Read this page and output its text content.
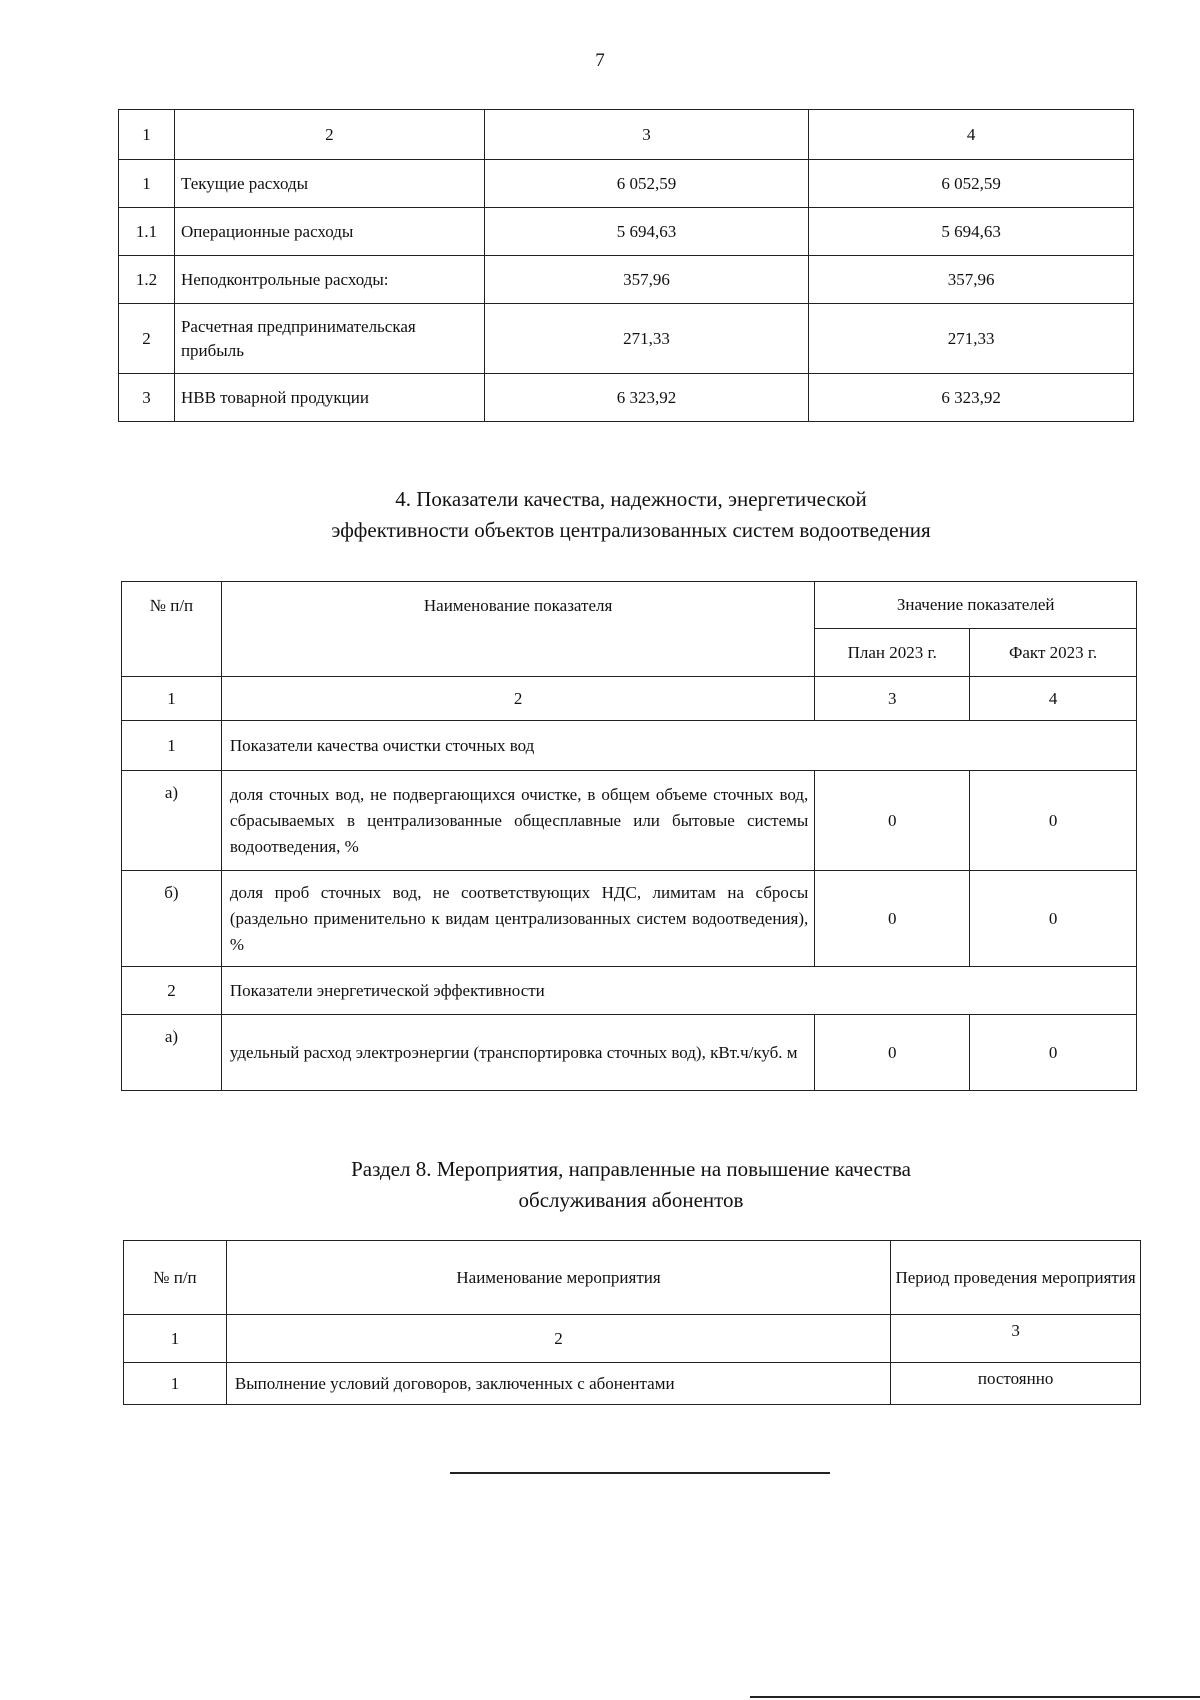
7
1	2	3	4
1	Текущие расходы	6 052,59	6 052,59
1.1	Операционные расходы	5 694,63	5 694,63
1.2	Неподконтрольные расходы:	357,96	357,96
2	Расчетная предпринимательская прибыль	271,33	271,33
3	НВВ товарной продукции	6 323,92	6 323,92
4. Показатели качества, надежности, энергетической
эффективности объектов централизованных систем водоотведения
№ п/п	Наименование показателя	Значение показателей	
		План 2023 г.	Факт 2023 г.
1	2	3	4
1	Показатели качества очистки сточных вод		
а)	доля сточных вод, не подвергающихся очистке, в общем объеме сточных вод, сбрасываемых в централизованные общесплавные или бытовые системы водоотведения, %	0	0
б)	доля проб сточных вод, не соответствующих НДС, лимитам на сбросы (раздельно применительно к видам централизованных систем водоотведения), %	0	0
2	Показатели энергетической эффективности		
а)	удельный расход электроэнергии (транспортировка сточных вод), кВт.ч/куб. м	0	0
Раздел 8. Мероприятия, направленные на повышение качества
обслуживания абонентов
№ п/п	Наименование мероприятия	Период проведения мероприятия
1	2	3
1	Выполнение условий договоров, заключенных с абонентами	постоянно
